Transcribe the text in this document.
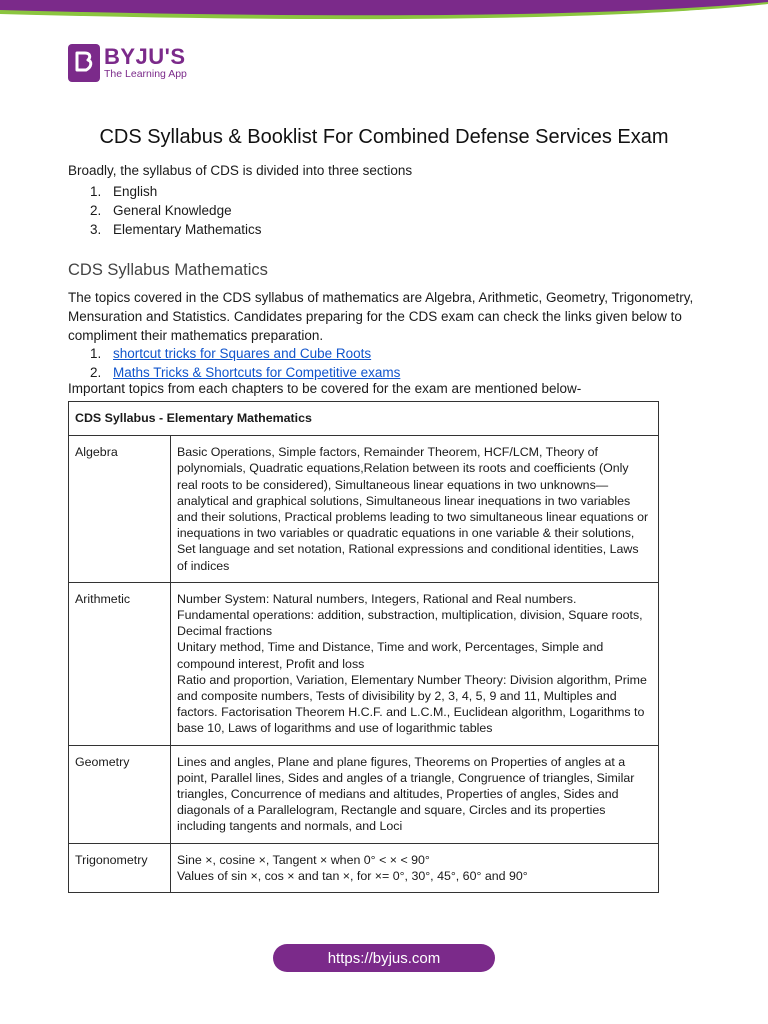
BYJU'S
The Learning App
CDS Syllabus & Booklist For Combined Defense Services Exam

Broadly, the syllabus of CDS is divided into three sections

1. English
2. General Knowledge
3. Elementary Mathematics
CDS Syllabus Mathematics

The topics covered in the CDS syllabus of mathematics are Algebra, Arithmetic, Geometry, Trigonometry, Mensuration and Statistics. Candidates preparing for the CDS exam can check the links given below to compliment their mathematics preparation.

1. shortcut tricks for Squares and Cube Roots
2. Maths Tricks & Shortcuts for Competitive exams

Important topics from each chapters to be covered for the exam are mentioned below-

CDS Syllabus - Elementary Mathematics	
Algebra	Basic Operations, Simple factors, Remainder Theorem, HCF/LCM, Theory of polynomials, Quadratic equations,Relation between its roots and coefficients (Only real roots to be considered), Simultaneous linear equations in two unknowns—analytical and graphical solutions, Simultaneous linear inequations in two variables and their solutions, Practical problems leading to two simultaneous linear equations or inequations in two variables or quadratic equations in one variable & their solutions, Set language and set notation, Rational expressions and conditional identities, Laws of indices

Arithmetic	Number System: Natural numbers, Integers, Rational and Real numbers. Fundamental operations: addition, substraction, multiplication, division, Square roots, Decimal fractions
Unitary method, Time and Distance, Time and work, Percentages, Simple and compound interest, Profit and loss
Ratio and proportion, Variation, Elementary Number Theory: Division algorithm, Prime and composite numbers, Tests of divisibility by 2, 3, 4, 5, 9 and 11, Multiples and factors. Factorisation Theorem H.C.F. and L.C.M., Euclidean algorithm, Logarithms to base 10, Laws of logarithms and use of logarithmic tables

Geometry	Lines and angles, Plane and plane figures, Theorems on Properties of angles at a point, Parallel lines, Sides and angles of a triangle, Congruence of triangles, Similar triangles, Concurrence of medians and altitudes, Properties of angles, Sides and diagonals of a Parallelogram, Rectangle and square, Circles and its properties including tangents and normals, and Loci

Trigonometry	Sine ×, cosine ×, Tangent × when 0° < × < 90°
Values of sin ×, cos × and tan ×, for ×= 0°, 30°, 45°, 60° and 90°
https://byjus.com
